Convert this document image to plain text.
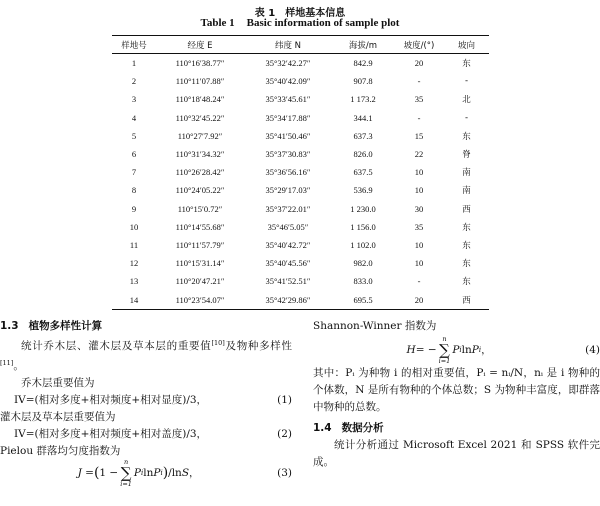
表 1　样地基本信息
Table 1 Basic information of sample plot
样地号	经度 E	纬度 N	海拔/m	坡度/(°)	坡向
1	110°16′38.77″	35°32′42.27″	842.9	20	东
2	110°11′07.88″	35°40′42.09″	907.8	-	-
3	110°18′48.24″	35°33′45.61″	1 173.2	35	北
4	110°32′45.22″	35°34′17.88″	344.1	-	-
5	110°27′7.92″	35°41′50.46″	637.3	15	东
6	110°31′34.32″	35°37′30.83″	826.0	22	脊
7	110°26′28.42″	35°36′56.16″	637.5	10	南
8	110°24′05.22″	35°29′17.03″	536.9	10	南
9	110°15′0.72″	35°37′22.01″	1 230.0	30	西
10	110°14′55.68″	35°46′5.05″	1 156.0	35	东
11	110°11′57.79″	35°40′42.72″	1 102.0	10	东
12	110°15′31.14″	35°40′45.56″	982.0	10	东
13	110°20′47.21″	35°41′52.51″	833.0	-	东
14	110°23′54.07″	35°42′29.86″	695.5	20	西
1.3 植物多样性计算
统计乔木层、灌木层及草本层的重要值[10]及物种多样性[11]。
乔木层重要值为
IV=(相对多度+相对频度+相对显度)/3，	(1)
灌木层及草本层重要值为
IV=(相对多度+相对频度+相对盖度)/3，	(2)
Pielou 群落均匀度指数为
J = ( 1 −
n
∑
i=1
P i ln P i ) /ln S ，	(3)
Shannon-Winner 指数为
H = −
n
∑
i=1
P i ln P i ，	(4)
其中：Pᵢ 为种物 i 的相对重要值，Pᵢ = nᵢ/N，nᵢ 是 i 物种的个体数，N 是所有物种的个体总数；S 为物种丰富度，即群落中物种的总数。
1.4 数据分析
统计分析通过 Microsoft Excel 2021 和 SPSS 软件完成。
